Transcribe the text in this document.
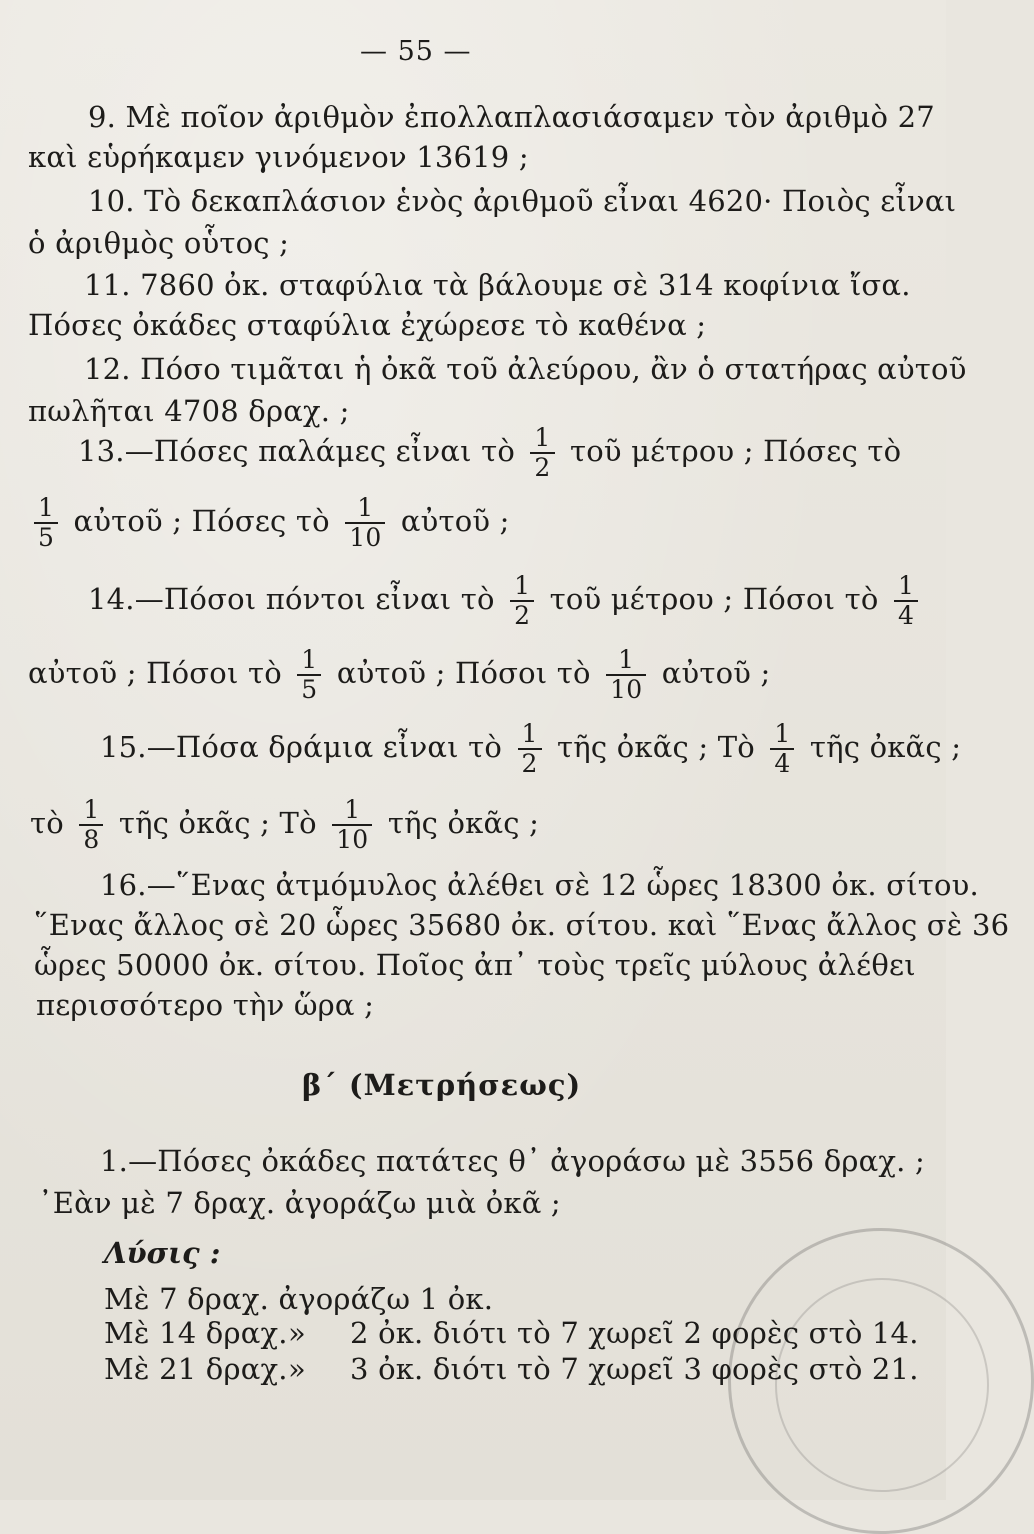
— 55 —
9. Μὲ ποῖον ἀριθμὸν ἐπολλαπλασιάσαμεν τὸν ἀριθμὸ 27
καὶ εὑρήκαμεν γινόμενον 13619 ;
10. Τὸ δεκαπλάσιον ἑνὸς ἀριθμοῦ εἶναι 4620· Ποιὸς εἶναι
ὁ ἀριθμὸς οὗτος ;
11. 7860 ὀκ. σταφύλια τὰ βάλουμε σὲ 314 κοφίνια ἴσα.
Πόσες ὀκάδες σταφύλια ἐχώρεσε τὸ καθένα ;
12. Πόσο τιμᾶται ἡ ὀκᾶ τοῦ ἀλεύρου, ἂν ὁ στατήρας αὐτοῦ
πωλῆται 4708 δραχ. ;
13.—Πόσες παλάμες εἶναι τὸ $\frac{1}{2}$ τοῦ μέτρου ; Πόσες τὸ
$\frac{1}{5}$ αὐτοῦ ; Πόσες τὸ $\frac{1}{10}$ αὐτοῦ ;
14.—Πόσοι πόντοι εἶναι τὸ $\frac{1}{2}$ τοῦ μέτρου ; Πόσοι τὸ $\frac{1}{4}$
αὐτοῦ ; Πόσοι τὸ $\frac{1}{5}$ αὐτοῦ ; Πόσοι τὸ $\frac{1}{10}$ αὐτοῦ ;
15.—Πόσα δράμια εἶναι τὸ $\frac{1}{2}$ τῆς ὀκᾶς ; Τὸ $\frac{1}{4}$ τῆς ὀκᾶς ;
τὸ $\frac{1}{8}$ τῆς ὀκᾶς ; Τὸ $\frac{1}{10}$ τῆς ὀκᾶς ;
16.—῞Ενας ἀτμόμυλος ἀλέθει σὲ 12 ὧρες 18300 ὀκ. σίτου.
῞Ενας ἄλλος σὲ 20 ὧρες 35680 ὀκ. σίτου. καὶ ῞Ενας ἄλλος σὲ 36
ὧρες 50000 ὀκ. σίτου. Ποῖος ἀπ᾽ τοὺς τρεῖς μύλους ἀλέθει
περισσότερο τὴν ὥρα ;
β΄ (Μετρήσεως)
1.—Πόσες ὀκάδες πατάτες θ᾽ ἀγοράσω μὲ 3556 δραχ. ;
᾽Εὰν μὲ 7 δραχ. ἀγοράζω μιὰ ὀκᾶ ;
Λύσις :
Μὲ 7 δραχ. ἀγοράζω 1 ὀκ.
Μὲ 14 δραχ. » 2 ὀκ. διότι τὸ 7 χωρεῖ 2 φορὲς στὸ 14.
Μὲ 21 δραχ. » 3 ὀκ. διότι τὸ 7 χωρεῖ 3 φορὲς στὸ 21.
